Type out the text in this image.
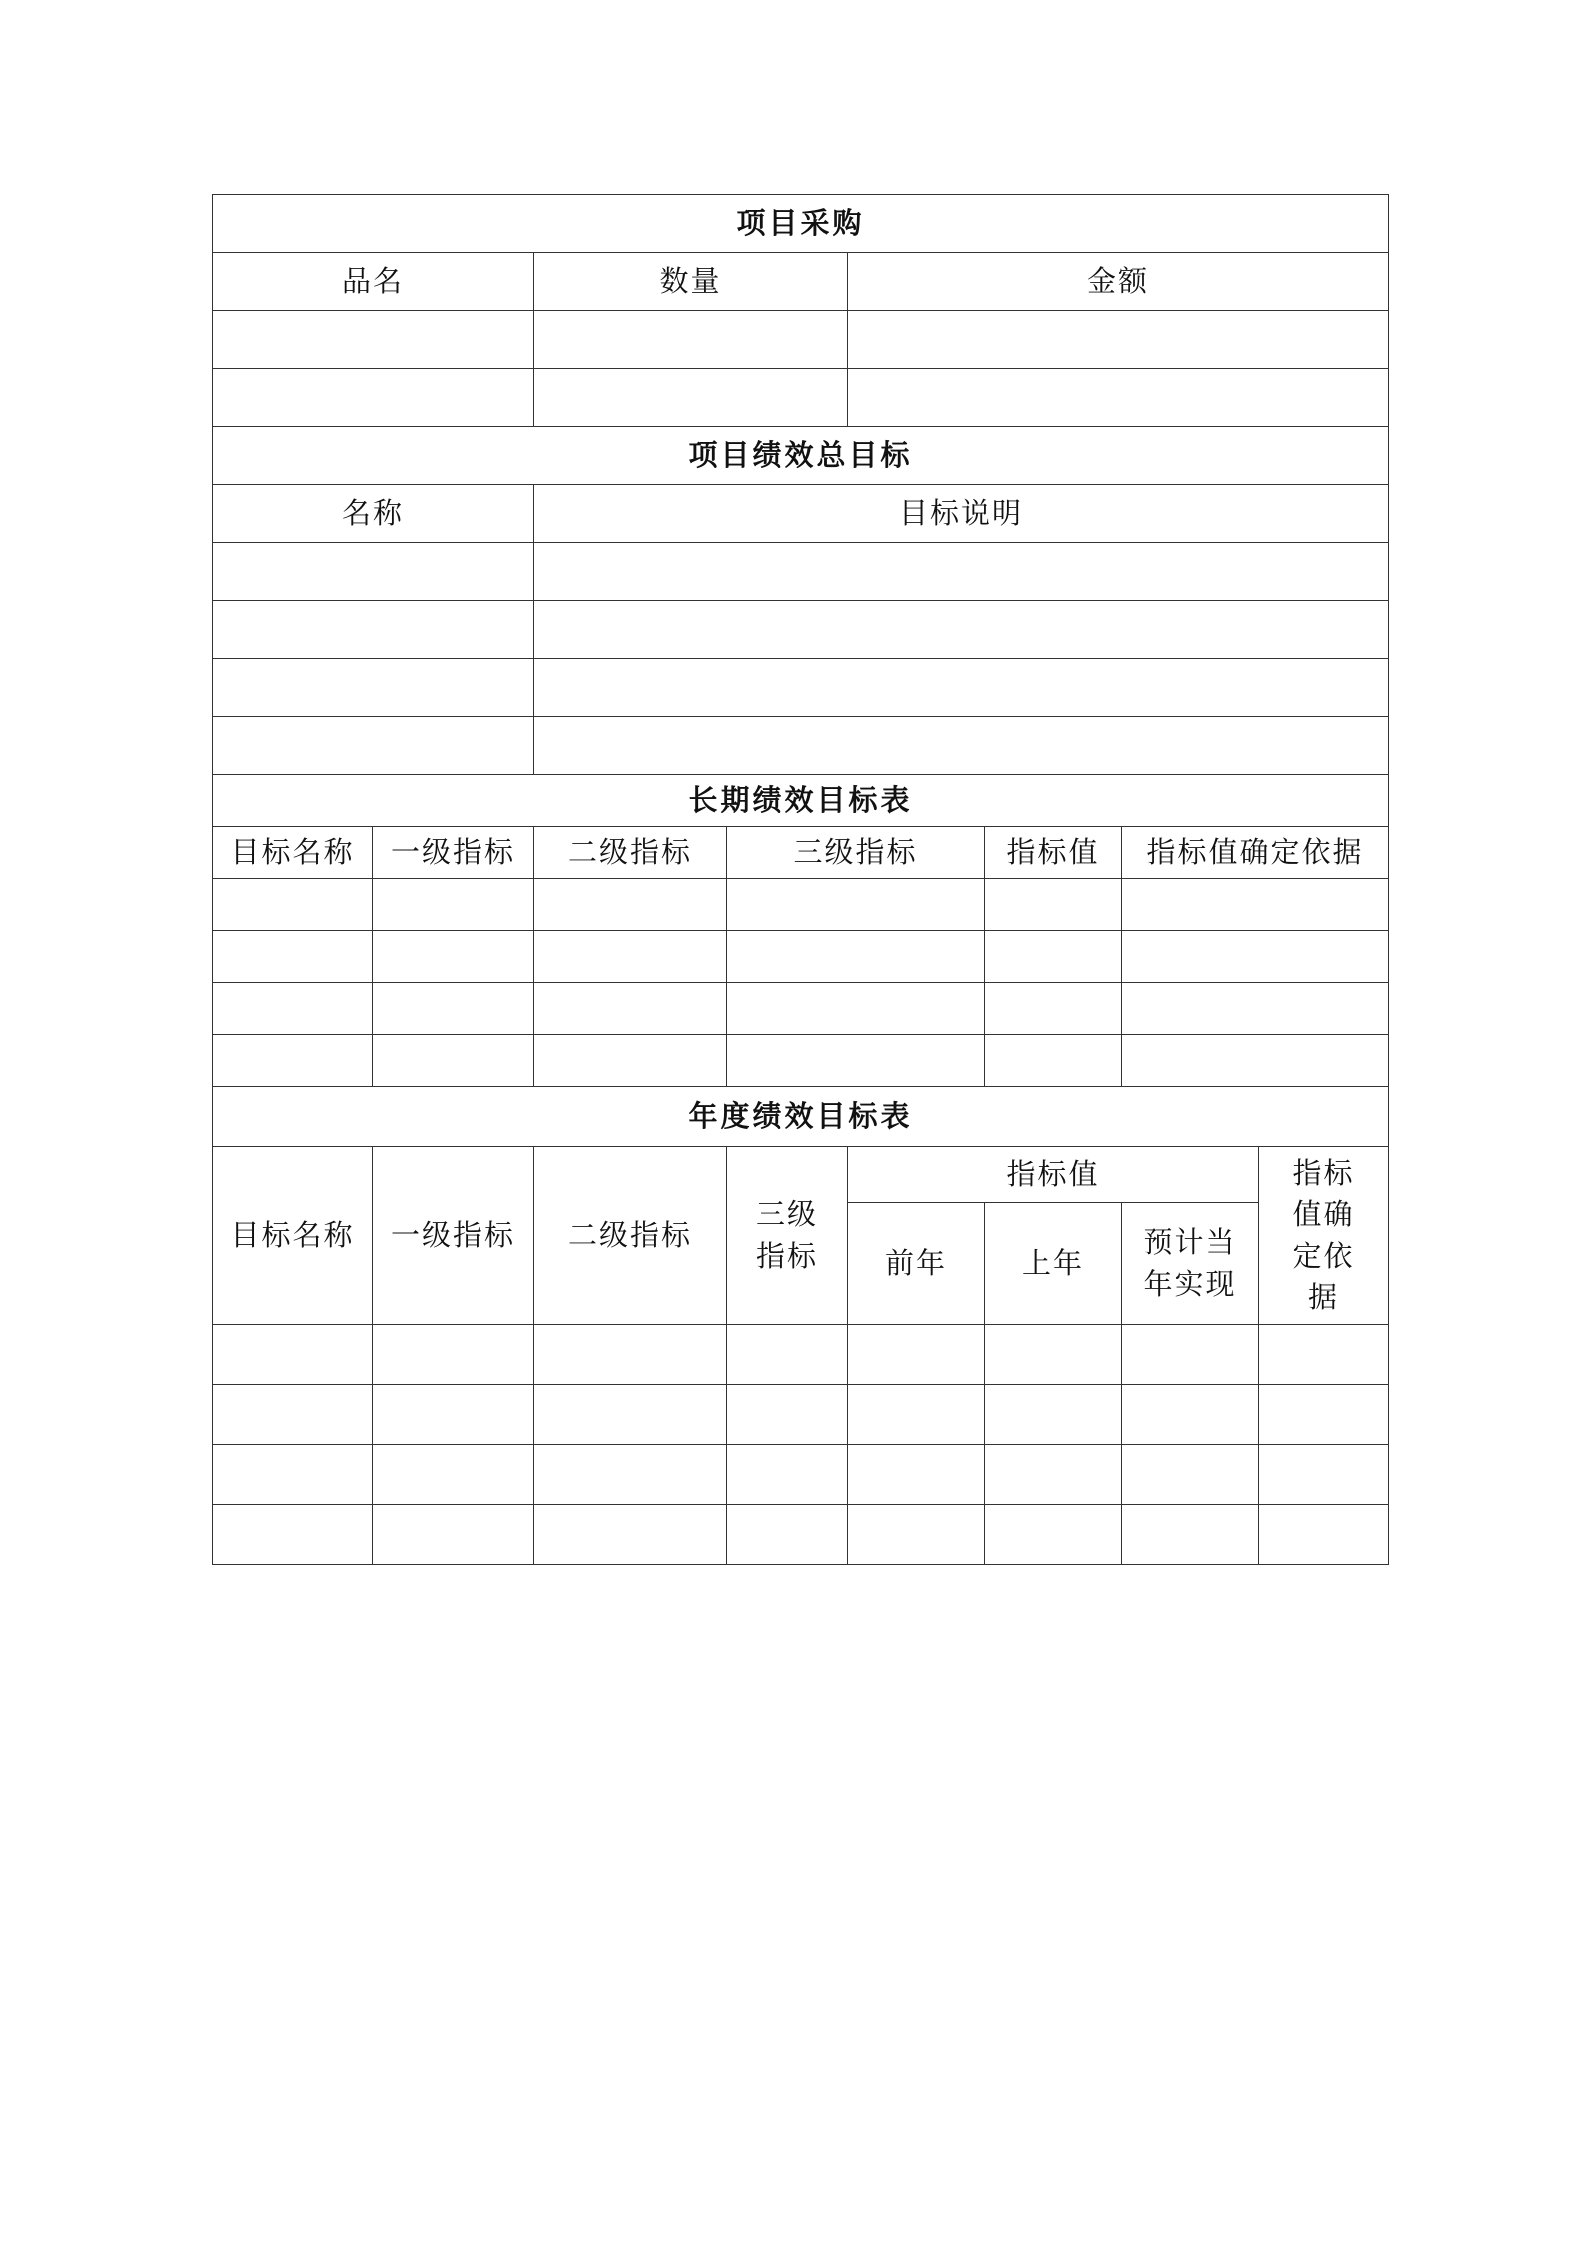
项目采购							
品名		数量		金额			

项目绩效总目标							
名称		目标说明					

长期绩效目标表							
目标名称	一级指标	二级指标	三级指标		指标值	指标值确定依据	

年度绩效目标表							
目标名称	一级指标	二级指标	三级指标	指标值			指标值确定依据
				前年	上年	预计当年实现	
